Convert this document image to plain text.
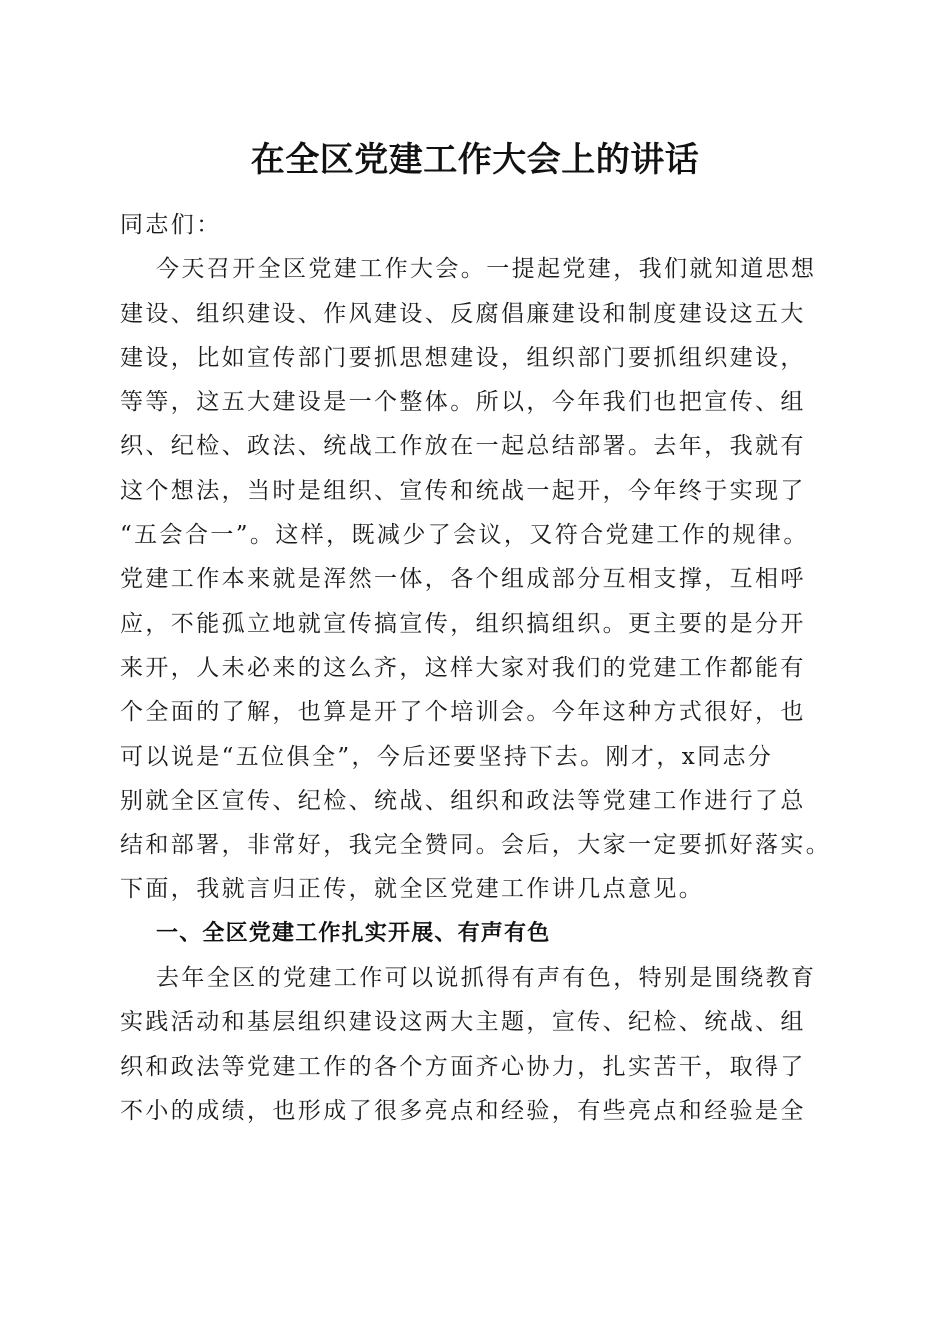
在全区党建工作大会上的讲话
同志们：
今天召开全区党建工作大会。一提起党建，我们就知道思想
建设、组织建设、作风建设、反腐倡廉建设和制度建设这五大
建设，比如宣传部门要抓思想建设，组织部门要抓组织建设，
等等，这五大建设是一个整体。所以，今年我们也把宣传、组
织、纪检、政法、统战工作放在一起总结部署。去年，我就有
这个想法，当时是组织、宣传和统战一起开，今年终于实现了
“五会合一”。这样，既减少了会议，又符合党建工作的规律。
党建工作本来就是浑然一体，各个组成部分互相支撑，互相呼
应，不能孤立地就宣传搞宣传，组织搞组织。更主要的是分开
来开，人未必来的这么齐，这样大家对我们的党建工作都能有
个全面的了解，也算是开了个培训会。今年这种方式很好，也
可以说是“五位俱全”，今后还要坚持下去。刚才，x同志分
别就全区宣传、纪检、统战、组织和政法等党建工作进行了总
结和部署，非常好，我完全赞同。会后，大家一定要抓好落实。
下面，我就言归正传，就全区党建工作讲几点意见。
一、全区党建工作扎实开展、有声有色
去年全区的党建工作可以说抓得有声有色，特别是围绕教育
实践活动和基层组织建设这两大主题，宣传、纪检、统战、组
织和政法等党建工作的各个方面齐心协力，扎实苦干，取得了
不小的成绩，也形成了很多亮点和经验，有些亮点和经验是全
